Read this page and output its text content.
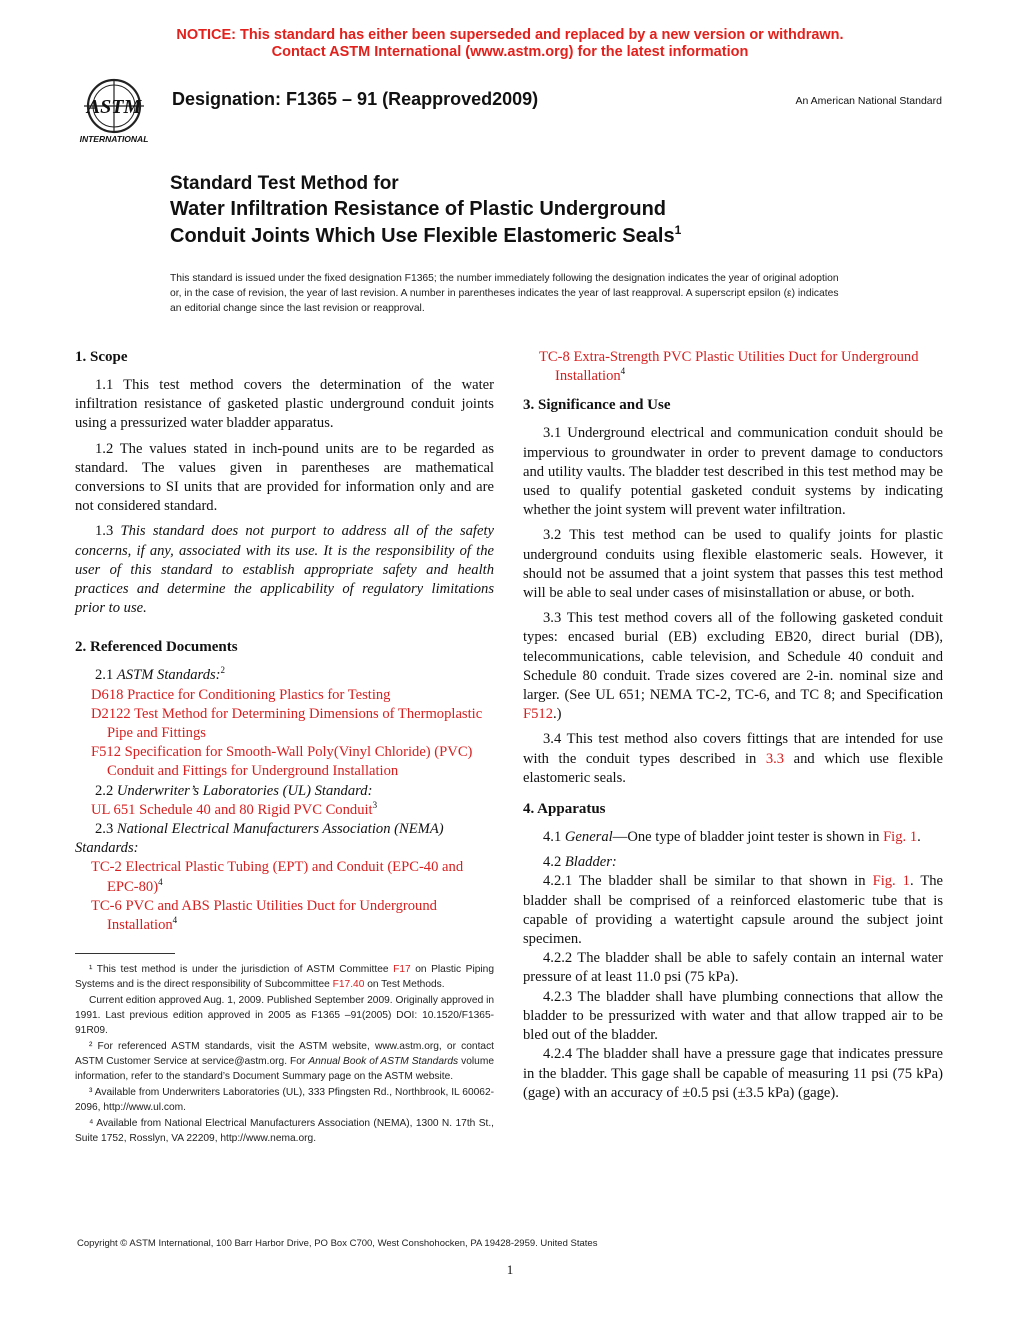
NOTICE: This standard has either been superseded and replaced by a new version or withdrawn.
Contact ASTM International (www.astm.org) for the latest information
ASTM
INTERNATIONAL
Designation: F1365 – 91 (Reapproved2009)	An American National Standard
Standard Test Method for
Water Infiltration Resistance of Plastic Underground
Conduit Joints Which Use Flexible Elastomeric Seals$^1$
This standard is issued under the fixed designation F1365; the number immediately following the designation indicates the year of original adoption or, in the case of revision, the year of last revision. A number in parentheses indicates the year of last reapproval. A superscript epsilon (ε) indicates an editorial change since the last revision or reapproval.
1. Scope

1.1 This test method covers the determination of the water infiltration resistance of gasketed plastic underground conduit joints using a pressurized water bladder apparatus.

1.2 The values stated in inch-pound units are to be regarded as standard. The values given in parentheses are mathematical conversions to SI units that are provided for information only and are not considered standard.

1.3 This standard does not purport to address all of the safety concerns, if any, associated with its use. It is the responsibility of the user of this standard to establish appropriate safety and health practices and determine the applicability of regulatory limitations prior to use.

2. Referenced Documents

2.1 ASTM Standards:$^2$

D618 Practice for Conditioning Plastics for Testing

D2122 Test Method for Determining Dimensions of Thermoplastic Pipe and Fittings

F512 Specification for Smooth-Wall Poly(Vinyl Chloride) (PVC) Conduit and Fittings for Underground Installation

2.2 Underwriter’s Laboratories (UL) Standard:

UL 651 Schedule 40 and 80 Rigid PVC Conduit$^3$

2.3 National Electrical Manufacturers Association (NEMA) Standards:

TC-2 Electrical Plastic Tubing (EPT) and Conduit (EPC-40 and EPC-80)$^4$

TC-6 PVC and ABS Plastic Utilities Duct for Underground Installation$^4$

¹ This test method is under the jurisdiction of ASTM Committee F17 on Plastic Piping Systems and is the direct responsibility of Subcommittee F17.40 on Test Methods.

Current edition approved Aug. 1, 2009. Published September 2009. Originally approved in 1991. Last previous edition approved in 2005 as F1365 –91(2005) DOI: 10.1520/F1365-91R09.

² For referenced ASTM standards, visit the ASTM website, www.astm.org, or contact ASTM Customer Service at service@astm.org. For Annual Book of ASTM Standards volume information, refer to the standard’s Document Summary page on the ASTM website.

³ Available from Underwriters Laboratories (UL), 333 Pfingsten Rd., Northbrook, IL 60062-2096, http://www.ul.com.

⁴ Available from National Electrical Manufacturers Association (NEMA), 1300 N. 17th St., Suite 1752, Rosslyn, VA 22209, http://www.nema.org.

TC-8 Extra-Strength PVC Plastic Utilities Duct for Underground Installation$^4$

3. Significance and Use

3.1 Underground electrical and communication conduit should be impervious to groundwater in order to prevent damage to conductors and utility vaults. The bladder test described in this test method may be used to qualify potential gasketed conduit systems by indicating whether the joint system will prevent water infiltration.

3.2 This test method can be used to qualify joints for plastic underground conduits using flexible elastomeric seals. However, it should not be assumed that a joint system that passes this test method will be able to seal under cases of misinstallation or abuse, or both.

3.3 This test method covers all of the following gasketed conduit types: encased burial (EB) excluding EB20, direct burial (DB), telecommunications, cable television, and Schedule 40 conduit and Schedule 80 conduit. Trade sizes covered are 2-in. nominal size and larger. (See UL 651; NEMA TC-2, TC-6, and TC 8; and Specification F512.)

3.4 This test method also covers fittings that are intended for use with the conduit types described in 3.3 and which use flexible elastomeric seals.

4. Apparatus

4.1 General—One type of bladder joint tester is shown in Fig. 1.

4.2 Bladder:

4.2.1 The bladder shall be similar to that shown in Fig. 1. The bladder shall be comprised of a reinforced elastomeric tube that is capable of providing a watertight capsule around the subject joint specimen.

4.2.2 The bladder shall be able to safely contain an internal water pressure of at least 11.0 psi (75 kPa).

4.2.3 The bladder shall have plumbing connections that allow the bladder to be pressurized with water and that allow trapped air to be bled out of the bladder.

4.2.4 The bladder shall have a pressure gage that indicates pressure in the bladder. This gage shall be capable of measuring 11 psi (75 kPa) (gage) with an accuracy of ±0.5 psi (±3.5 kPa) (gage).

Copyright © ASTM International, 100 Barr Harbor Drive, PO Box C700, West Conshohocken, PA 19428-2959. United States
1
